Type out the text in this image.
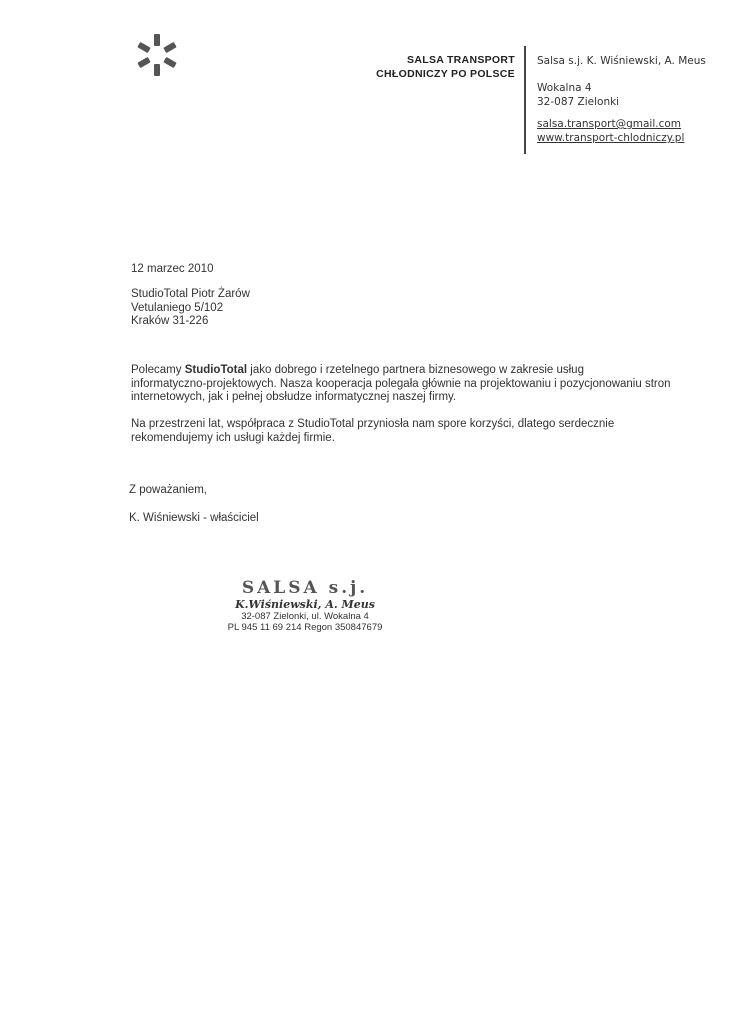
SALSA TRANSPORT
CHŁODNICZY PO POLSCE
Salsa s.j. K. Wiśniewski, A. Meus
Wokalna 4
32-087 Zielonki
salsa.transport@gmail.com
www.transport-chlodniczy.pl
12 marzec 2010
StudioTotal Piotr Żarów
Vetulaniego 5/102
Kraków 31-226
Polecamy StudioTotal jako dobrego i rzetelnego partnera biznesowego w zakresie usług
informatyczno-projektowych. Nasza kooperacja polegała głównie na projektowaniu i pozycjonowaniu stron
internetowych, jak i pełnej obsłudze informatycznej naszej firmy.
Na przestrzeni lat, współpraca z StudioTotal przyniosła nam spore korzyści, dlatego serdecznie
rekomendujemy ich usługi każdej firmie.
Z poważaniem,
K. Wiśniewski - właściciel
SALSA s.j.
K.Wiśniewski, A. Meus
32-087 Zielonki, ul. Wokalna 4
PL 945 11 69 214 Regon 350847679
